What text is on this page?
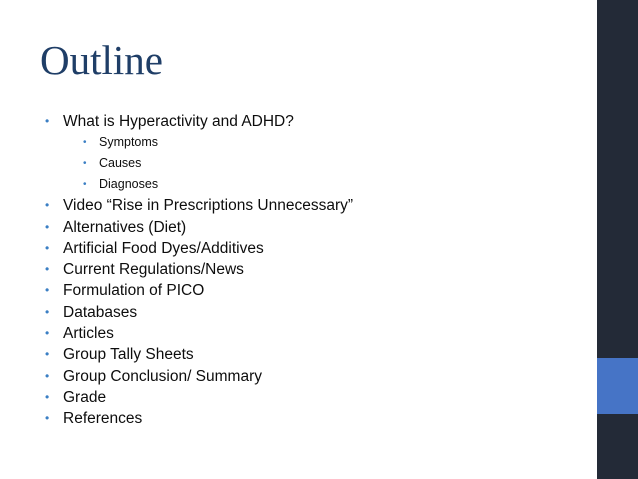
Outline
• What is Hyperactivity and ADHD?
• Symptoms
• Causes
• Diagnoses
• Video “Rise in Prescriptions Unnecessary”
• Alternatives (Diet)
• Artificial Food Dyes/Additives
• Current Regulations/News
• Formulation of PICO
• Databases
• Articles
• Group Tally Sheets
• Group Conclusion/ Summary
• Grade
• References
